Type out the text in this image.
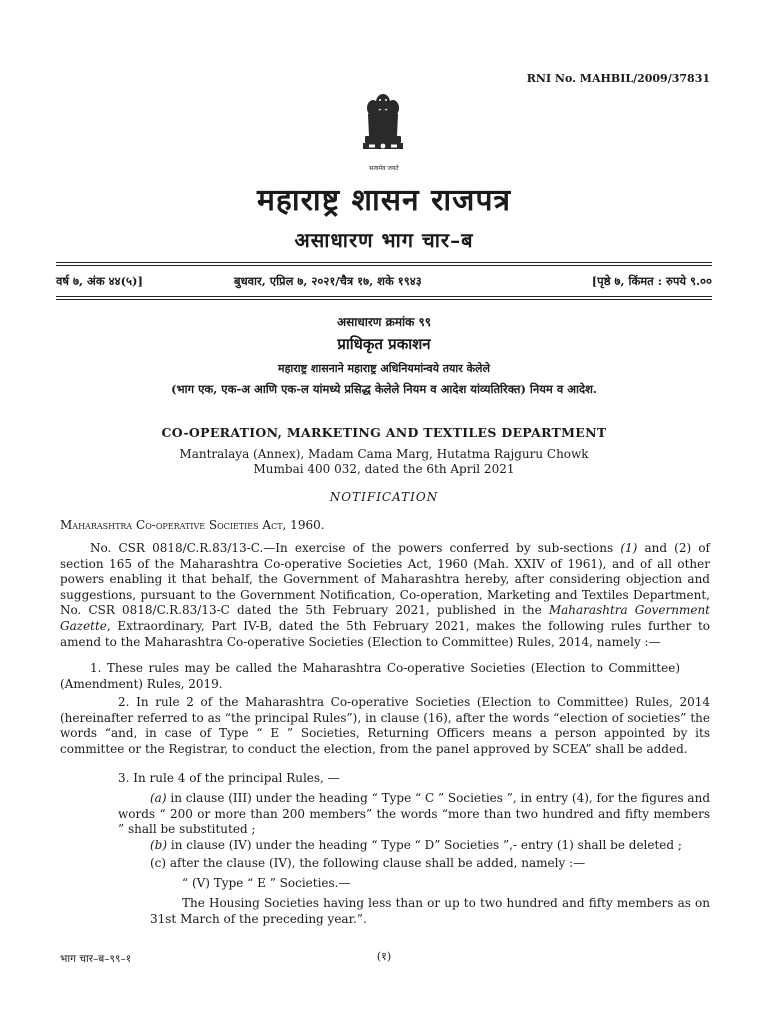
RNI No. MAHBIL/2009/37831
सत्यमेव जयते
महाराष्ट्र शासन राजपत्र
असाधारण भाग चार–ब
वर्ष ७, अंक ४४(५)]	बुधवार, एप्रिल ७, २०२१/चैत्र १७, शके १९४३	[पृष्ठे ७, किंमत : रुपये ९.००
असाधारण क्रमांक ९९
प्राधिकृत प्रकाशन
महाराष्ट्र शासनाने महाराष्ट्र अधिनियमांन्वये तयार केलेले
(भाग एक, एक-अ आणि एक-ल यांमध्ये प्रसिद्ध केलेले नियम व आदेश यांव्यतिरिक्त) नियम व आदेश.
CO-OPERATION, MARKETING AND TEXTILES DEPARTMENT
Mantralaya (Annex), Madam Cama Marg, Hutatma Rajguru Chowk
Mumbai 400 032, dated the 6th April 2021
NOTIFICATION
Maharashtra Co-operative Societies Act, 1960.
No. CSR 0818/C.R.83/13-C.—In exercise of the powers conferred by sub-sections (1) and (2) of section 165 of the Maharashtra Co-operative Societies Act, 1960 (Mah. XXIV of 1961), and of all other powers enabling it that behalf, the Government of Maharashtra hereby, after considering objection and suggestions, pursuant to the Government Notification, Co-operation, Marketing and Textiles Department, No. CSR 0818/C.R.83/13-C dated the 5th February 2021, published in the Maharashtra Government Gazette, Extraordinary, Part IV-B, dated the 5th February 2021, makes the following rules further to amend to the Maharashtra Co-operative Societies (Election to Committee) Rules, 2014, namely :—
1. These rules may be called the Maharashtra Co-operative Societies (Election to Committee) (Amendment) Rules, 2019.
2. In rule 2 of the Maharashtra Co-operative Societies (Election to Committee) Rules, 2014 (hereinafter referred to as “the principal Rules”), in clause (16), after the words “election of societies” the words “and, in case of Type “ E ” Societies, Returning Officers means a person appointed by its committee or the Registrar, to conduct the election, from the panel approved by SCEA” shall be added.
3. In rule 4 of the principal Rules, —
(a) in clause (III) under the heading “ Type “ C ” Societies ”, in entry (4), for the figures and words “ 200 or more than 200 members” the words “more than two hundred and fifty members ” shall be substituted ;
(b) in clause (IV) under the heading “ Type “ D” Societies ”,- entry (1) shall be deleted ;
(c) after the clause (IV), the following clause shall be added, namely :—
“ (V) Type “ E ” Societies.—
The Housing Societies having less than or up to two hundred and fifty members as on 31st March of the preceding year.”.
भाग चार–ब–९९–१	(१)
